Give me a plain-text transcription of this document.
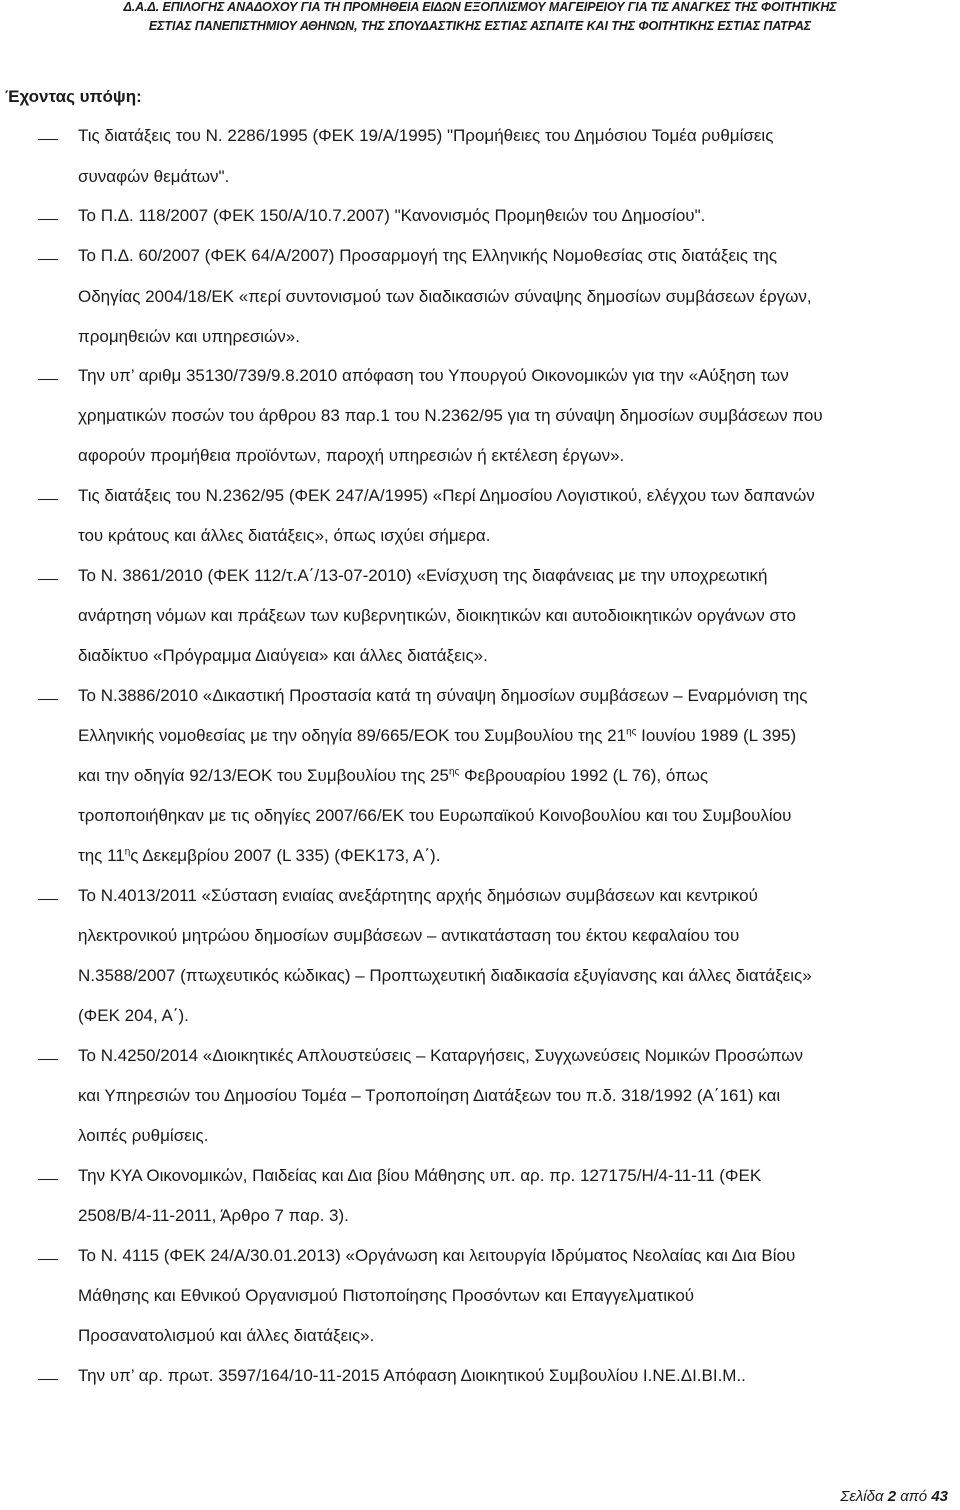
Δ.Α.Δ. ΕΠΙΛΟΓΗΣ ΑΝΑΔΟΧΟΥ ΓΙΑ ΤΗ ΠΡΟΜΗΘΕΙΑ ΕΙΔΩΝ ΕΞΟΠΛΙΣΜΟΥ ΜΑΓΕΙΡΕΙΟΥ ΓΙΑ ΤΙΣ ΑΝΑΓΚΕΣ ΤΗΣ ΦΟΙΤΗΤΙΚΗΣ
ΕΣΤΙΑΣ ΠΑΝΕΠΙΣΤΗΜΙΟΥ ΑΘΗΝΩΝ, ΤΗΣ ΣΠΟΥΔΑΣΤΙΚΗΣ ΕΣΤΙΑΣ ΑΣΠΑΙΤΕ ΚΑΙ ΤΗΣ ΦΟΙΤΗΤΙΚΗΣ ΕΣΤΙΑΣ ΠΑΤΡΑΣ
Έχοντας υπόψη:
Τις διατάξεις του Ν. 2286/1995 (ΦΕΚ 19/Α/1995) "Προμήθειες του Δημόσιου Τομέα ρυθμίσεις
συναφών θεμάτων".
Το Π.Δ. 118/2007 (ΦΕΚ 150/Α/10.7.2007) "Κανονισμός Προμηθειών του Δημοσίου".
Το Π.Δ. 60/2007 (ΦΕΚ 64/Α/2007) Προσαρμογή της Ελληνικής Νομοθεσίας στις διατάξεις της
Οδηγίας 2004/18/ΕΚ «περί συντονισμού των διαδικασιών σύναψης δημοσίων συμβάσεων έργων,
προμηθειών και υπηρεσιών».
Την υπ’ αριθμ 35130/739/9.8.2010 απόφαση του Υπουργού Οικονομικών για την «Αύξηση των
χρηματικών ποσών του άρθρου 83 παρ.1 του Ν.2362/95 για τη σύναψη δημοσίων συμβάσεων που
αφορούν προμήθεια προϊόντων, παροχή υπηρεσιών ή εκτέλεση έργων».
Τις διατάξεις του Ν.2362/95 (ΦΕΚ 247/Α/1995) «Περί Δημοσίου Λογιστικού, ελέγχου των δαπανών
του κράτους και άλλες διατάξεις», όπως ισχύει σήμερα.
Το Ν. 3861/2010 (ΦΕΚ 112/τ.Α΄/13-07-2010) «Ενίσχυση της διαφάνειας με την υποχρεωτική
ανάρτηση νόμων και πράξεων των κυβερνητικών, διοικητικών και αυτοδιοικητικών οργάνων στο
διαδίκτυο «Πρόγραμμα Διαύγεια» και άλλες διατάξεις».
Το Ν.3886/2010 «Δικαστική Προστασία κατά τη σύναψη δημοσίων συμβάσεων – Εναρμόνιση της
Ελληνικής νομοθεσίας με την οδηγία 89/665/ΕΟΚ του Συμβουλίου της $21^{\eta\varsigma}$ Ιουνίου 1989 (L 395)
και την οδηγία 92/13/ΕΟΚ του Συμβουλίου της $25^{\eta\varsigma}$ Φεβρουαρίου 1992 (L 76), όπως
τροποποιήθηκαν με τις οδηγίες 2007/66/ΕΚ του Ευρωπαϊκού Κοινοβουλίου και του Συμβουλίου
της $11^\eta\varsigma$ Δεκεμβρίου 2007 (L 335) (ΦΕΚ173, Α΄).
Το Ν.4013/2011 «Σύσταση ενιαίας ανεξάρτητης αρχής δημόσιων συμβάσεων και κεντρικού
ηλεκτρονικού μητρώου δημοσίων συμβάσεων – αντικατάσταση του έκτου κεφαλαίου του
Ν.3588/2007 (πτωχευτικός κώδικας) – Προπτωχευτική διαδικασία εξυγίανσης και άλλες διατάξεις»
(ΦΕΚ 204, Α΄).
Το Ν.4250/2014 «Διοικητικές Απλουστεύσεις – Καταργήσεις, Συγχωνεύσεις Νομικών Προσώπων
και Υπηρεσιών του Δημοσίου Τομέα – Τροποποίηση Διατάξεων του π.δ. 318/1992 (Α΄161) και
λοιπές ρυθμίσεις.
Την ΚΥΑ Οικονομικών, Παιδείας και Δια βίου Μάθησης υπ. αρ. πρ. 127175/Η/4-11-11 (ΦΕΚ
2508/Β/4-11-2011, Άρθρο 7 παρ. 3).
Το Ν. 4115 (ΦΕΚ 24/Α/30.01.2013) «Οργάνωση και λειτουργία Ιδρύματος Νεολαίας και Δια Βίου
Μάθησης και Εθνικού Οργανισμού Πιστοποίησης Προσόντων και Επαγγελματικού
Προσανατολισμού και άλλες διατάξεις».
Την υπ’ αρ. πρωτ. 3597/164/10-11-2015 Απόφαση Διοικητικού Συμβουλίου Ι.ΝΕ.ΔΙ.ΒΙ.Μ..
Σελίδα 2 από 43
